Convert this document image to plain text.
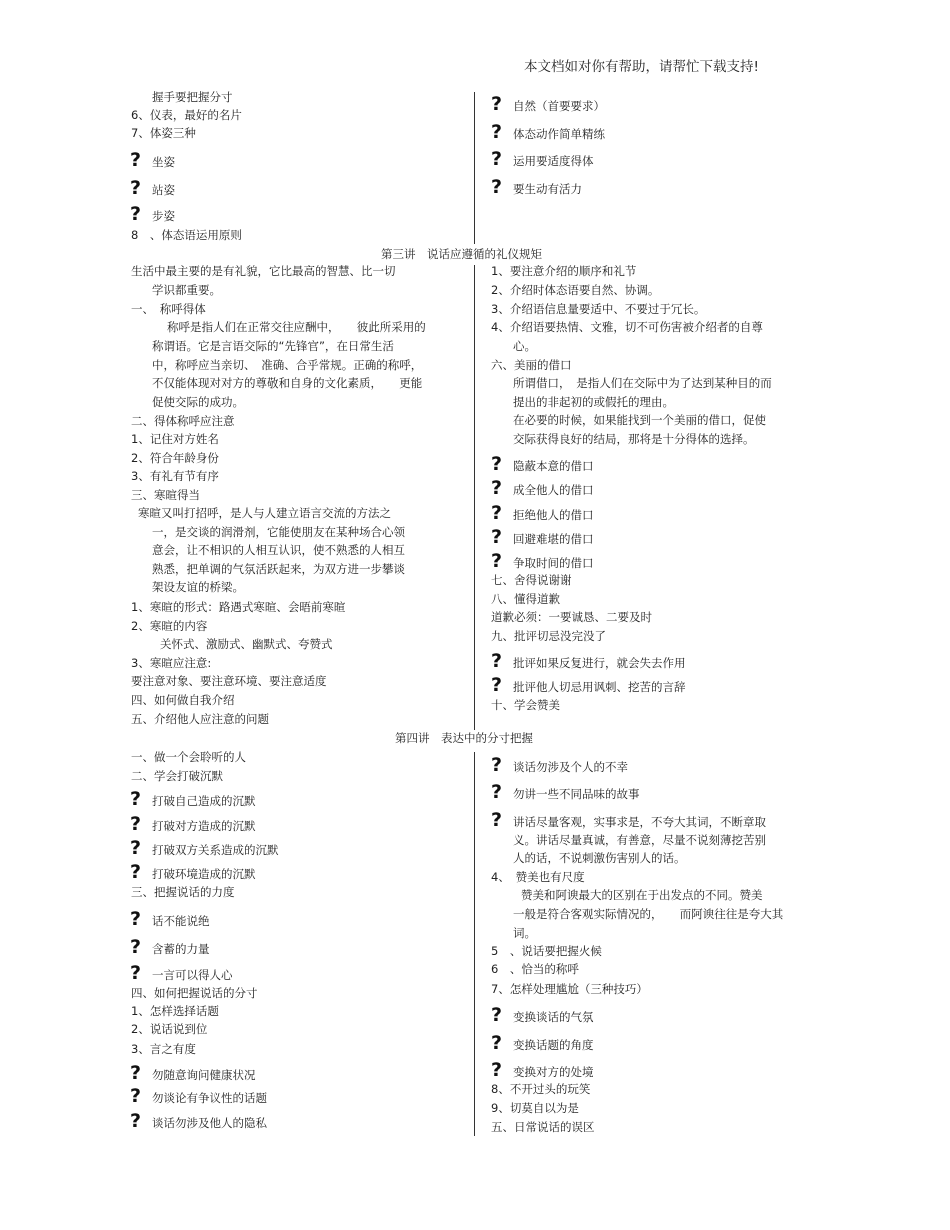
本文档如对你有帮助，请帮忙下载支持!
第三讲　说话应遵循的礼仪规矩
第四讲　表达中的分寸把握
握手要把握分寸
6、仪表，最好的名片
7、体姿三种
? 坐姿
? 站姿
? 步姿
8　、体态语运用原则
? 自然（首要要求）
? 体态动作简单精练
? 运用要适度得体
? 要生动有活力
生活中最主要的是有礼貌，它比最高的智慧、比一切
学识都重要。
一、　称呼得体
称呼是指人们在正常交往应酬中，　　彼此所采用的
称谓语。它是言语交际的“先锋官”，在日常生活
中，称呼应当亲切、　准确、合乎常规。正确的称呼，
不仅能体现对对方的尊敬和自身的文化素质，　　更能
促使交际的成功。
二、得体称呼应注意
1、记住对方姓名
2、符合年龄身份
3、有礼有节有序
三、寒暄得当
寒暄又叫打招呼，是人与人建立语言交流的方法之
一，是交谈的润滑剂，它能使朋友在某种场合心领
意会，让不相识的人相互认识，使不熟悉的人相互
熟悉，把单调的气氛活跃起来，为双方进一步攀谈
架设友谊的桥梁。
1、寒暄的形式：路遇式寒暄、会晤前寒暄
2、寒暄的内容
关怀式、激励式、幽默式、夸赞式
3、寒暄应注意:
要注意对象、要注意环境、要注意适度
四、如何做自我介绍
五、介绍他人应注意的问题
1、要注意介绍的顺序和礼节
2、介绍时体态语要自然、协调。
3、介绍语信息量要适中、不要过于冗长。
4、介绍语要热情、文雅，切不可伤害被介绍者的自尊
心。
六、美丽的借口
所谓借口，　是指人们在交际中为了达到某种目的而
提出的非起初的或假托的理由。
在必要的时候，如果能找到一个美丽的借口，促使
交际获得良好的结局，那将是十分得体的选择。
? 隐蔽本意的借口
? 成全他人的借口
? 拒绝他人的借口
? 回避难堪的借口
? 争取时间的借口
七、舍得说谢谢
八、懂得道歉
道歉必须：一要诚恳、二要及时
九、批评切忌没完没了
? 批评如果反复进行，就会失去作用
? 批评他人切忌用讽刺、挖苦的言辞
十、学会赞美
一、做一个会聆听的人
二、学会打破沉默
? 打破自己造成的沉默
? 打破对方造成的沉默
? 打破双方关系造成的沉默
? 打破环境造成的沉默
三、把握说话的力度
? 话不能说绝
? 含蓄的力量
? 一言可以得人心
四、如何把握说话的分寸
1、怎样选择话题
2、说话说到位
3、言之有度
? 勿随意询问健康状况
? 勿谈论有争议性的话题
? 谈话勿涉及他人的隐私
? 谈话勿涉及个人的不幸
? 勿讲一些不同品味的故事
? 讲话尽量客观，实事求是，不夸大其词，不断章取
义。讲话尽量真诚，有善意，尽量不说刻薄挖苦别
人的话，不说刺激伤害别人的话。
4、　赞美也有尺度
赞美和阿谀最大的区别在于出发点的不同。赞美
一般是符合客观实际情况的，　　而阿谀往往是夸大其
词。
5　、说话要把握火候
6　、恰当的称呼
7、怎样处理尴尬（三种技巧）
? 变换谈话的气氛
? 变换话题的角度
? 变换对方的处境
8、不开过头的玩笑
9、切莫自以为是
五、日常说话的误区
